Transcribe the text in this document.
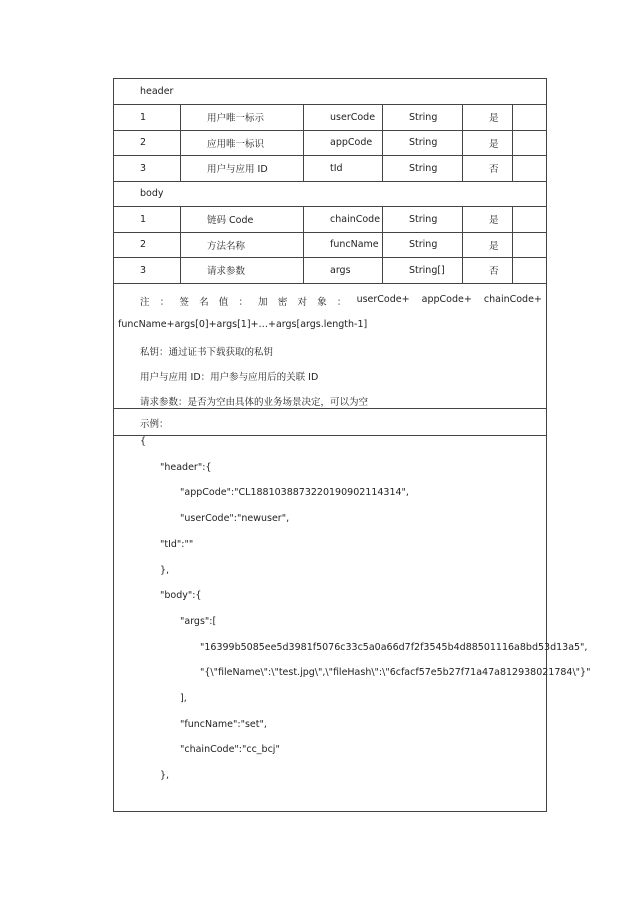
header
1	用户唯一标示	userCode	String	是
2	应用唯一标识	appCode	String	是
3	用户与应用 ID	tId	String	否
body
1	链码 Code	chainCode	String	是
2	方法名称	funcName	String	是
3	请求参数	args	String[]	否
注 ： 签 名 值 ： 加 密 对 象 ： userCode+    appCode+    chainCode+
funcName+args[0]+args[1]+…+args[args.length-1]
私钥：通过证书下载获取的私钥
用户与应用 ID：用户参与应用后的关联 ID
请求参数：是否为空由具体的业务场景决定，可以为空
示例：
{
"header":{
"appCode":"CL1881038873220190902114314",
"userCode":"newuser",
"tId":""
},
"body":{
"args":[
"16399b5085ee5d3981f5076c33c5a0a66d7f2f3545b4d88501116a8bd53d13a5",
"{\"fileName\":\"test.jpg\",\"fileHash\":\"6cfacf57e5b27f71a47a812938021784\"}"
],
"funcName":"set",
"chainCode":"cc_bcj"
},
